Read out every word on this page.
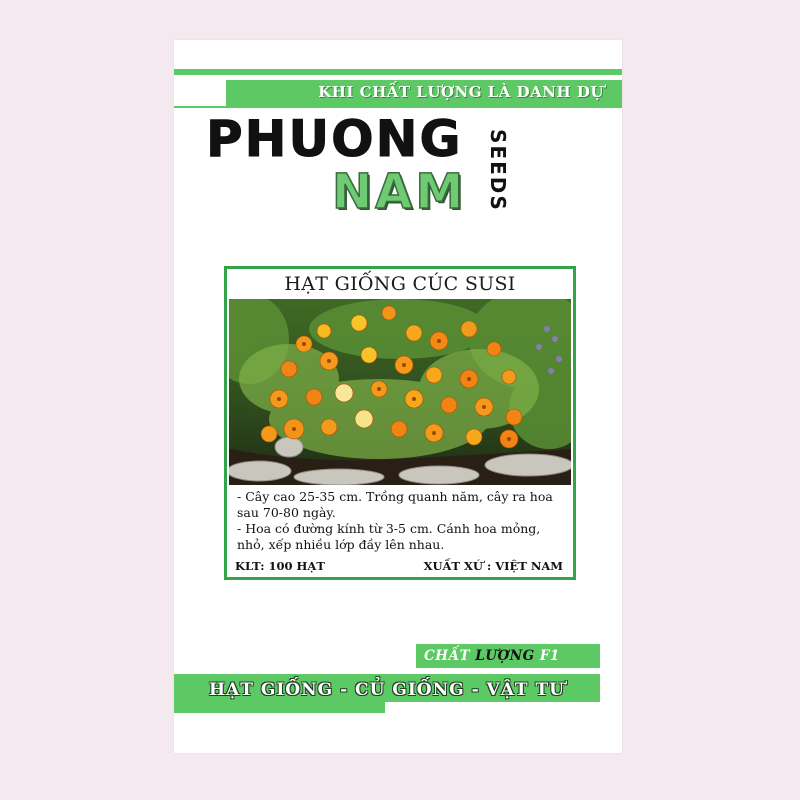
KHI CHẤT LƯỢNG LÀ DANH DỰ
PHUONG
NAM SEEDS
HẠT GIỐNG CÚC SUSI

- Cây cao 25-35 cm. Trồng quanh năm, cây ra hoa sau 70-80 ngày.

- Hoa có đường kính từ 3-5 cm. Cánh hoa mỏng, nhỏ, xếp nhiều lớp đầy lên nhau.

KLT: 100 HẠT	XUẤT XỨ : VIỆT NAM
CHẤT LƯỢNG F1
HẠT GIỐNG - CỦ GIỐNG - VẬT TƯ
